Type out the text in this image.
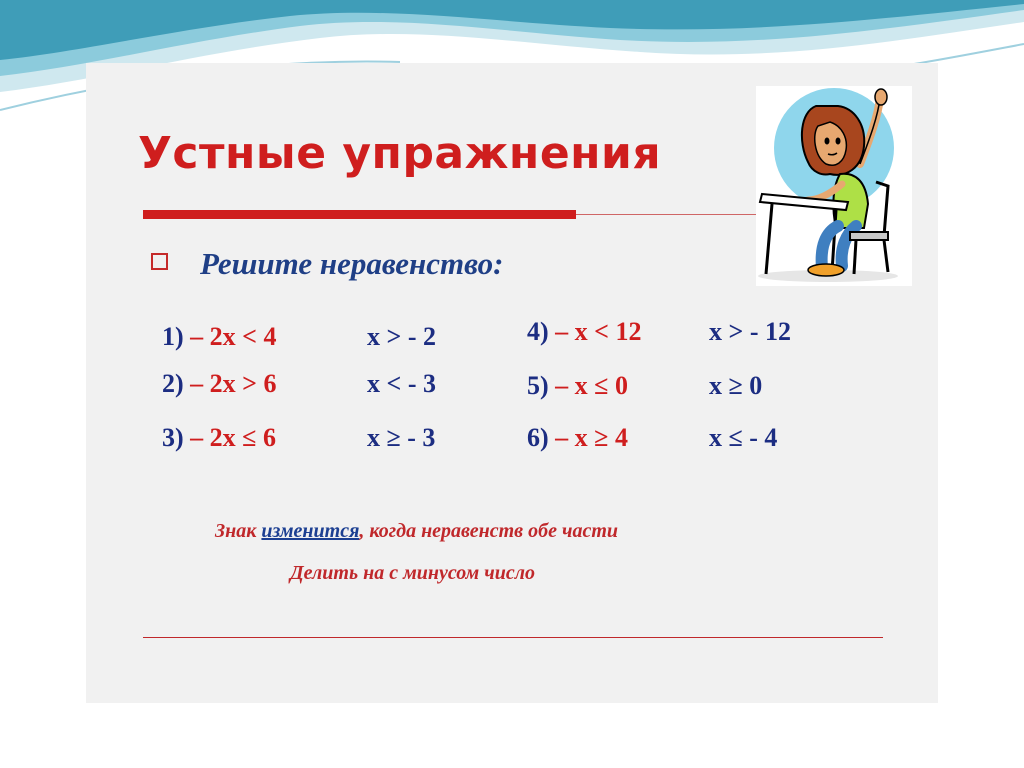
Устные упражнения
Решите неравенство:
1) – 2x < 4	x > - 2
2) – 2x > 6	x < - 3
3) – 2x ≤ 6	x ≥ - 3
4) – x < 12	x > - 12
5) – x ≤ 0	x ≥ 0
6) – x ≥ 4	x ≤ - 4
Знак изменится, когда неравенств обе части
Делить на с минусом число
